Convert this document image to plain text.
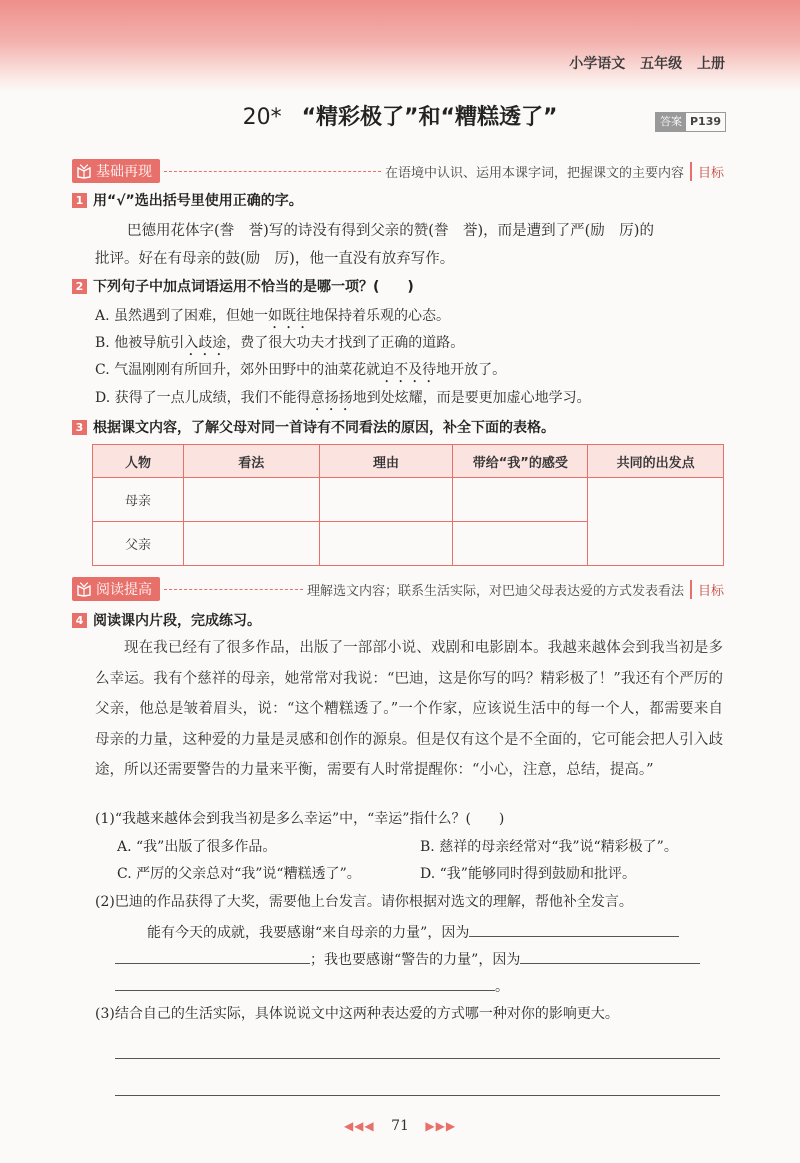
小学语文 五年级 上册
20* “精彩极了”和“糟糕透了”	答案 P139
基础再现	在语境中认识、运用本课字词，把握课文的主要内容	目标
1 用“√”选出括号里使用正确的字。
巴德用花体字(誊　誉)写的诗没有得到父亲的赞(誊　誉)，而是遭到了严(励　厉)的
批评。好在有母亲的鼓(励　厉)，他一直没有放弃写作。
2 下列句子中加点词语运用不恰当的是哪一项？(　　)
A. 虽然遇到了困难，但她一如既往地保持着乐观的心态。
B. 他被导航引入歧途，费了很大功夫才找到了正确的道路。
C. 气温刚刚有所回升，郊外田野中的油菜花就迫不及待地开放了。
D. 获得了一点儿成绩，我们不能得意扬扬地到处炫耀，而是要更加虚心地学习。
3 根据课文内容，了解父母对同一首诗有不同看法的原因，补全下面的表格。
人物	看法	理由	带给“我”的感受	共同的出发点
母亲				
父亲				
阅读提高	理解选文内容；联系生活实际，对巴迪父母表达爱的方式发表看法	目标
4 阅读课内片段，完成练习。
现在我已经有了很多作品，出版了一部部小说、戏剧和电影剧本。我越来越体会到我当初是多么幸运。我有个慈祥的母亲，她常常对我说：“巴迪，这是你写的吗？精彩极了！”我还有个严厉的父亲，他总是皱着眉头，说：“这个糟糕透了。”一个作家，应该说生活中的每一个人，都需要来自母亲的力量，这种爱的力量是灵感和创作的源泉。但是仅有这个是不全面的，它可能会把人引入歧途，所以还需要警告的力量来平衡，需要有人时常提醒你：“小心，注意，总结，提高。”
(1)“我越来越体会到我当初是多么幸运”中，“幸运”指什么？(　　)
A. “我”出版了很多作品。	B. 慈祥的母亲经常对“我”说“精彩极了”。
C. 严厉的父亲总对“我”说“糟糕透了”。	D. “我”能够同时得到鼓励和批评。
(2)巴迪的作品获得了大奖，需要他上台发言。请你根据对选文的理解，帮他补全发言。
能有今天的成就，我要感谢“来自母亲的力量”，因为
；我也要感谢“警告的力量”，因为
。
(3)结合自己的生活实际，具体说说文中这两种表达爱的方式哪一种对你的影响更大。
◀◀◀ 71 ▶▶▶
